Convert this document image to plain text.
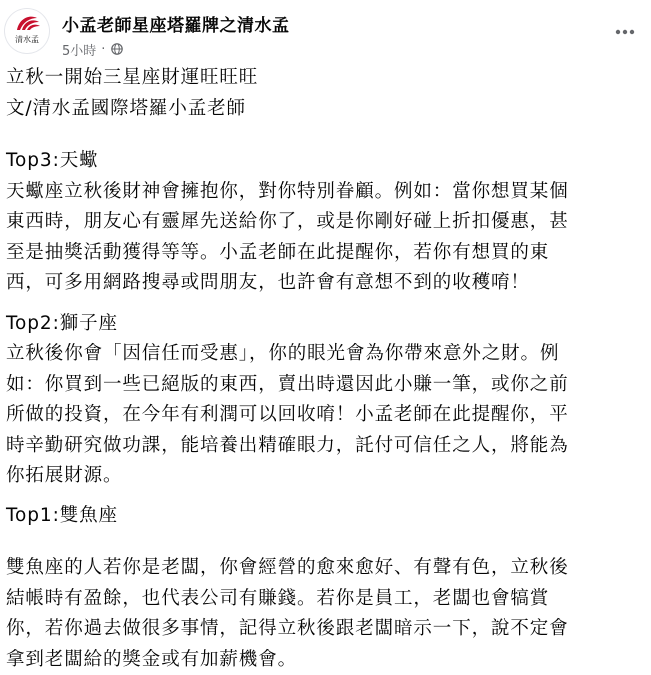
清水孟
小孟老師星座塔羅牌之清水孟
5小時 ·

立秋一開始三星座財運旺旺旺

文/清水孟國際塔羅小孟老師

Top3:天蠍

天蠍座立秋後財神會擁抱你，對你特別眷顧。例如：當你想買某個
東西時，朋友心有靈犀先送給你了，或是你剛好碰上折扣優惠，甚
至是抽獎活動獲得等等。小孟老師在此提醒你，若你有想買的東
西，可多用網路搜尋或問朋友，也許會有意想不到的收穫唷！

Top2:獅子座

立秋後你會「因信任而受惠」，你的眼光會為你帶來意外之財。例
如：你買到一些已絕版的東西，賣出時還因此小賺一筆，或你之前
所做的投資，在今年有利潤可以回收唷！小孟老師在此提醒你，平
時辛勤研究做功課，能培養出精確眼力，託付可信任之人，將能為
你拓展財源。

Top1:雙魚座

雙魚座的人若你是老闆，你會經營的愈來愈好、有聲有色，立秋後
結帳時有盈餘，也代表公司有賺錢。若你是員工，老闆也會犒賞
你，若你過去做很多事情，記得立秋後跟老闆暗示一下，說不定會
拿到老闆給的獎金或有加薪機會。
